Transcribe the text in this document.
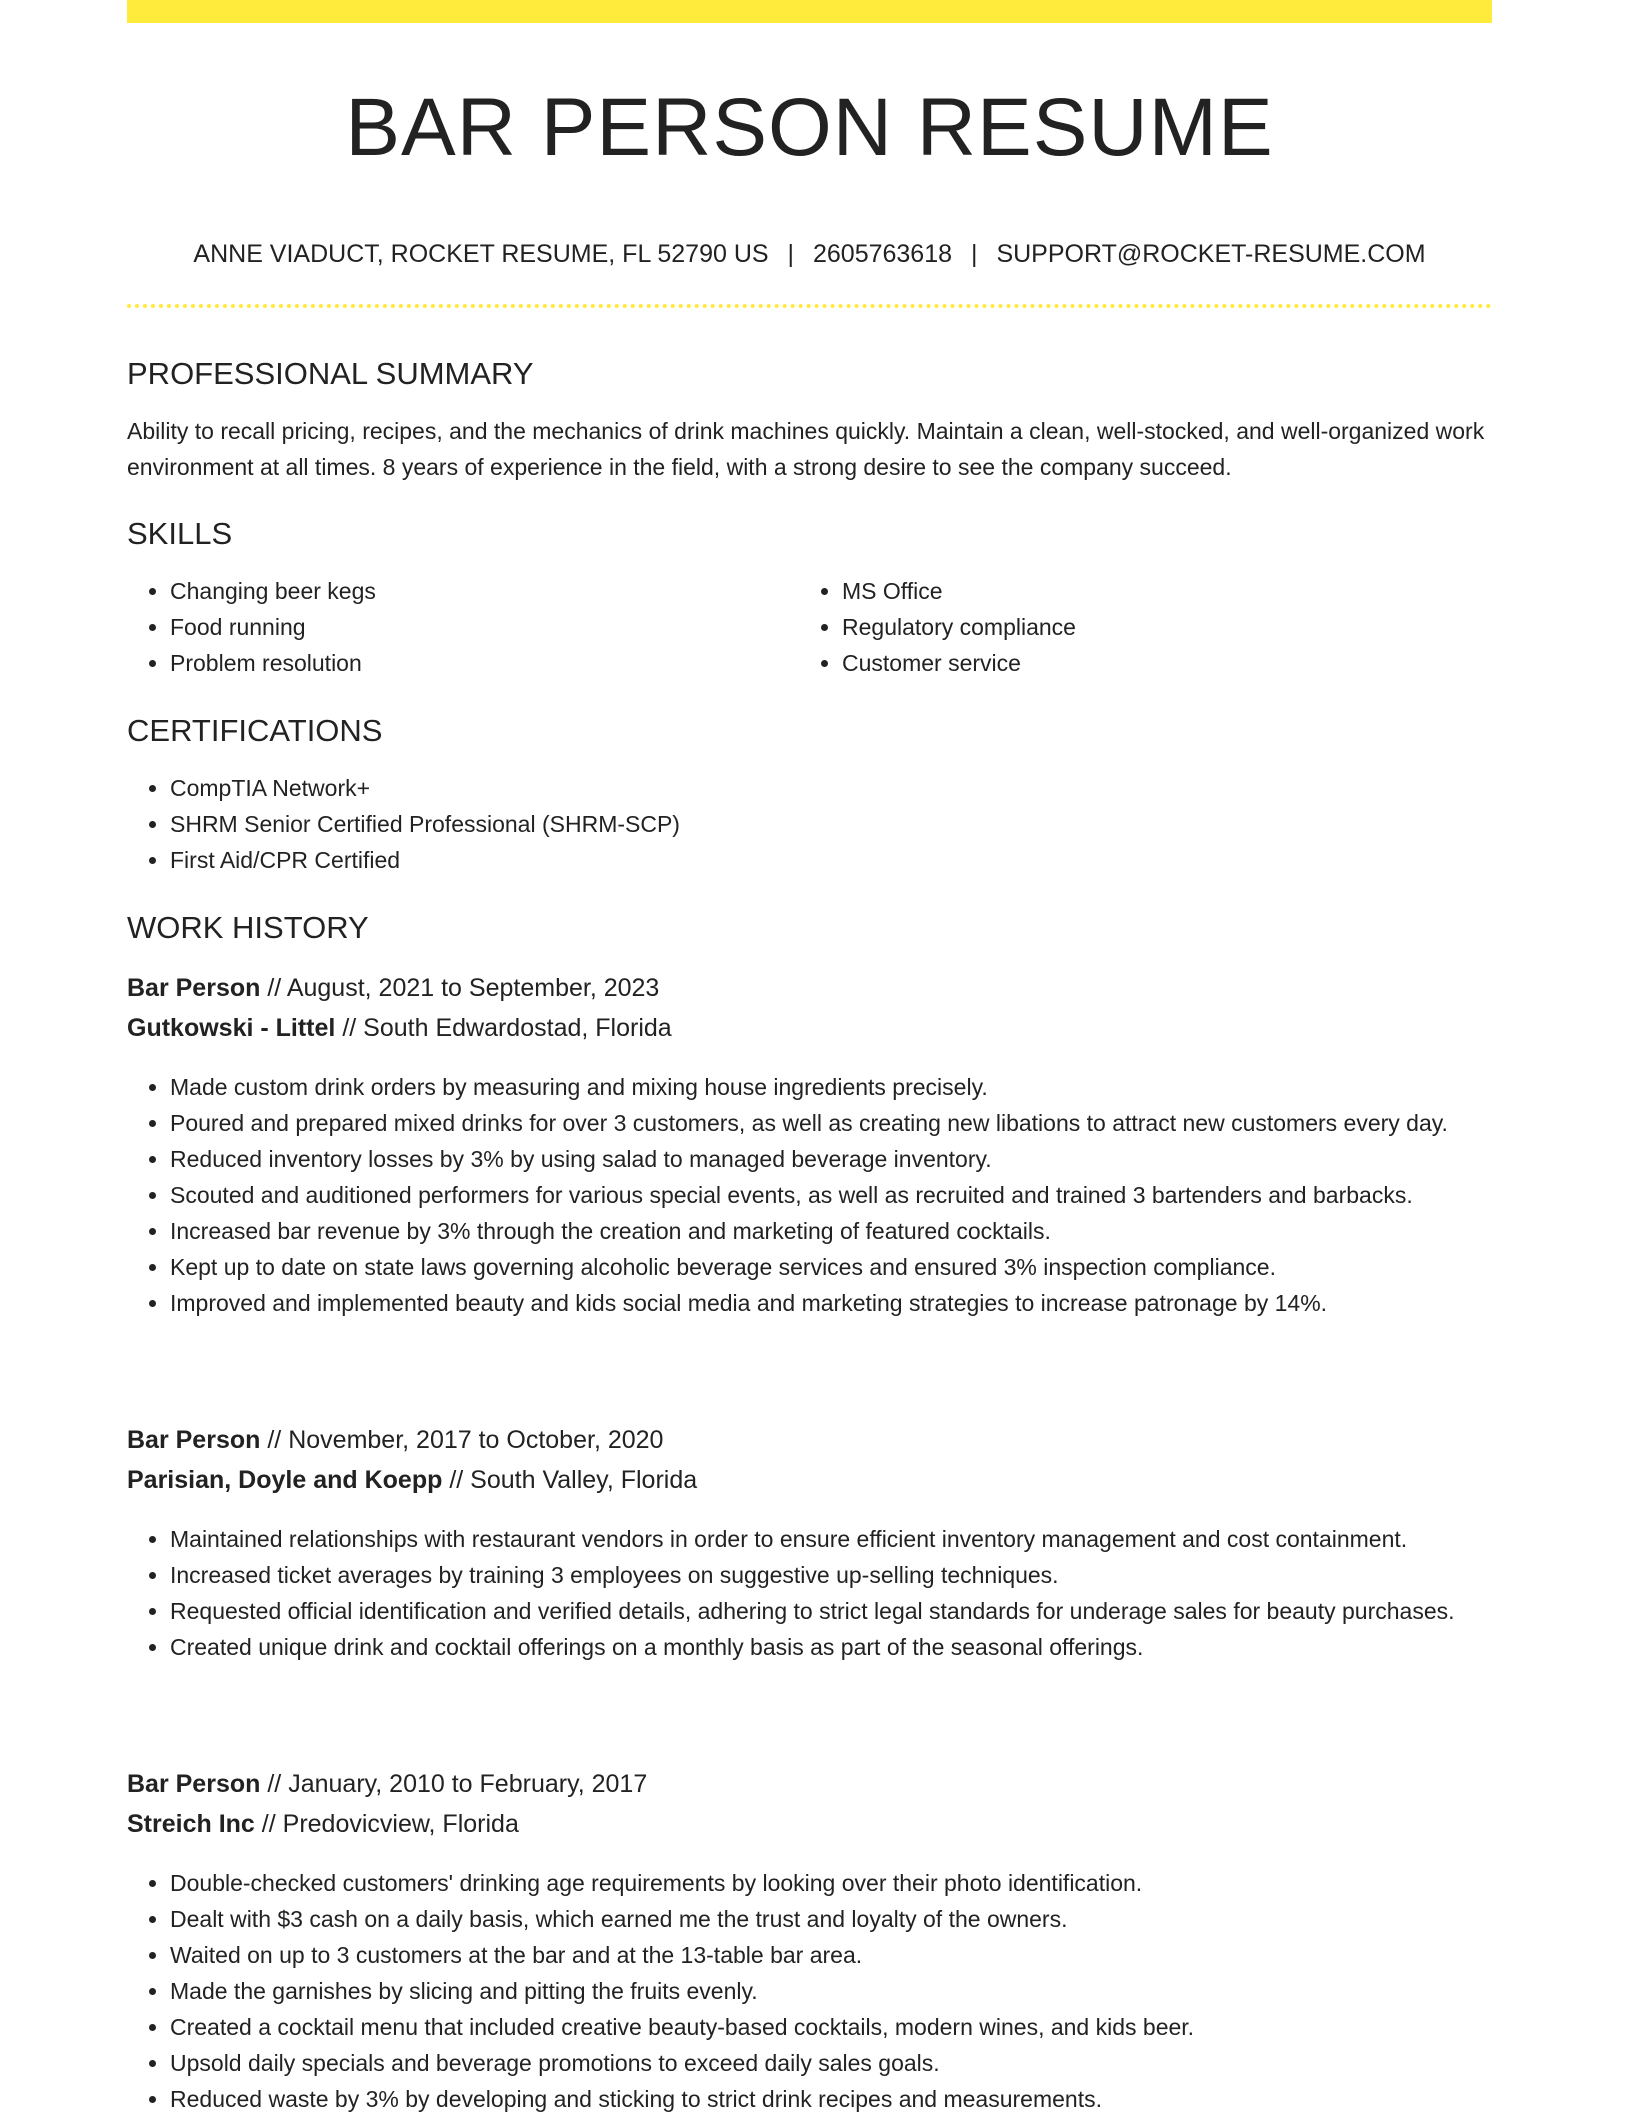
BAR PERSON RESUME
ANNE VIADUCT, ROCKET RESUME, FL 52790 US | 2605763618 | SUPPORT@ROCKET-RESUME.COM
PROFESSIONAL SUMMARY

Ability to recall pricing, recipes, and the mechanics of drink machines quickly. Maintain a clean, well-stocked, and well-organized work environment at all times. 8 years of experience in the field, with a strong desire to see the company succeed.

SKILLS
• Changing beer kegs
• Food running
• Problem resolution
• MS Office
• Regulatory compliance
• Customer service
CERTIFICATIONS
• CompTIA Network+
• SHRM Senior Certified Professional (SHRM-SCP)
• First Aid/CPR Certified
WORK HISTORY
Bar Person // August, 2021 to September, 2023
Gutkowski - Littel // South Edwardostad, Florida
• Made custom drink orders by measuring and mixing house ingredients precisely.
• Poured and prepared mixed drinks for over 3 customers, as well as creating new libations to attract new customers every day.
• Reduced inventory losses by 3% by using salad to managed beverage inventory.
• Scouted and auditioned performers for various special events, as well as recruited and trained 3 bartenders and barbacks.
• Increased bar revenue by 3% through the creation and marketing of featured cocktails.
• Kept up to date on state laws governing alcoholic beverage services and ensured 3% inspection compliance.
• Improved and implemented beauty and kids social media and marketing strategies to increase patronage by 14%.
Bar Person // November, 2017 to October, 2020
Parisian, Doyle and Koepp // South Valley, Florida
• Maintained relationships with restaurant vendors in order to ensure efficient inventory management and cost containment.
• Increased ticket averages by training 3 employees on suggestive up-selling techniques.
• Requested official identification and verified details, adhering to strict legal standards for underage sales for beauty purchases.
• Created unique drink and cocktail offerings on a monthly basis as part of the seasonal offerings.
Bar Person // January, 2010 to February, 2017
Streich Inc // Predovicview, Florida
• Double-checked customers' drinking age requirements by looking over their photo identification.
• Dealt with $3 cash on a daily basis, which earned me the trust and loyalty of the owners.
• Waited on up to 3 customers at the bar and at the 13-table bar area.
• Made the garnishes by slicing and pitting the fruits evenly.
• Created a cocktail menu that included creative beauty-based cocktails, modern wines, and kids beer.
• Upsold daily specials and beverage promotions to exceed daily sales goals.
• Reduced waste by 3% by developing and sticking to strict drink recipes and measurements.
